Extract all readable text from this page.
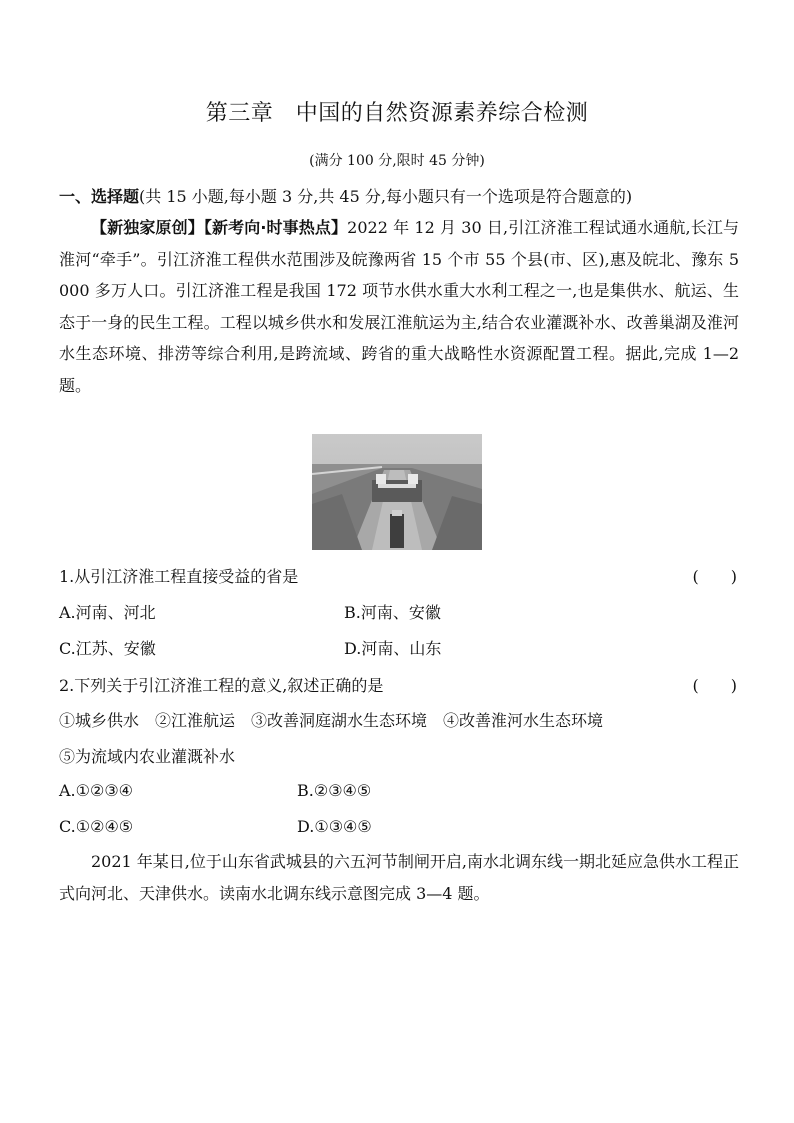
第三章　中国的自然资源素养综合检测
(满分 100 分,限时 45 分钟)
一、选择题(共 15 小题,每小题 3 分,共 45 分,每小题只有一个选项是符合题意的)
【新独家原创】【新考向·时事热点】2022 年 12 月 30 日,引江济淮工程试通水通航,长江与淮河“牵手”。引江济淮工程供水范围涉及皖豫两省 15 个市 55 个县(市、区),惠及皖北、豫东 5 000 多万人口。引江济淮工程是我国 172 项节水供水重大水利工程之一,也是集供水、航运、生态于一身的民生工程。工程以城乡供水和发展江淮航运为主,结合农业灌溉补水、改善巢湖及淮河水生态环境、排涝等综合利用,是跨流域、跨省的重大战略性水资源配置工程。据此,完成 1—2 题。
1.从引江济淮工程直接受益的省是	(　　)
A.河南、河北	B.河南、安徽
C.江苏、安徽	D.河南、山东
2.下列关于引江济淮工程的意义,叙述正确的是	(　　)
①城乡供水　②江淮航运　③改善洞庭湖水生态环境　④改善淮河水生态环境
⑤为流域内农业灌溉补水
A.①②③④	B.②③④⑤
C.①②④⑤	D.①③④⑤
2021 年某日,位于山东省武城县的六五河节制闸开启,南水北调东线一期北延应急供水工程正式向河北、天津供水。读南水北调东线示意图完成 3—4 题。
